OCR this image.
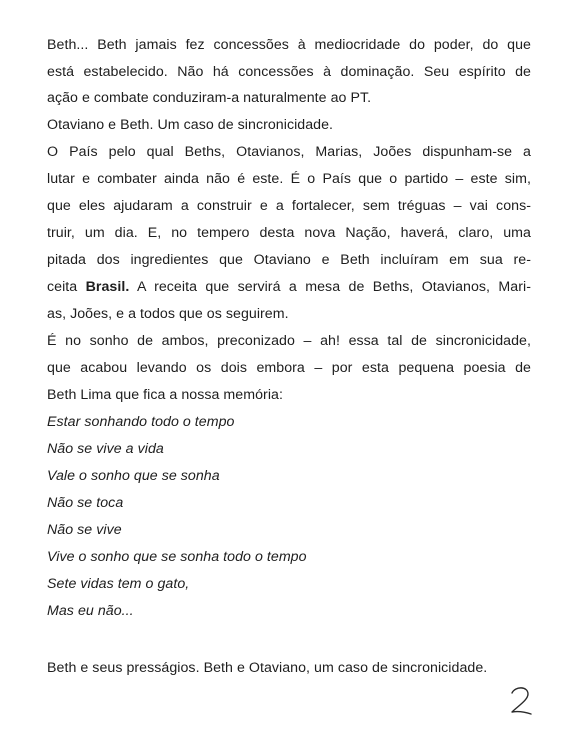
Beth... Beth jamais fez concessões à mediocridade do poder, do que
está estabelecido. Não há concessões à dominação. Seu espírito de
ação e combate conduziram-a naturalmente ao PT.
Otaviano e Beth. Um caso de sincronicidade.
O País pelo qual Beths, Otavianos, Marias, Joões dispunham-se a
lutar e combater ainda não é este. É o País que o partido – este sim,
que eles ajudaram a construir e a fortalecer, sem tréguas – vai cons-
truir, um dia. E, no tempero desta nova Nação, haverá, claro, uma
pitada dos ingredientes que Otaviano e Beth incluíram em sua re-
ceita Brasil. A receita que servirá a mesa de Beths, Otavianos, Mari-
as, Joões, e a todos que os seguirem.
É no sonho de ambos, preconizado – ah! essa tal de sincronicidade,
que acabou levando os dois embora – por esta pequena poesia de
Beth Lima que fica a nossa memória:
Estar sonhando todo o tempo
Não se vive a vida
Vale o sonho que se sonha
Não se toca
Não se vive
Vive o sonho que se sonha todo o tempo
Sete vidas tem o gato,
Mas eu não...
Beth e seus presságios. Beth e Otaviano, um caso de sincronicidade.
